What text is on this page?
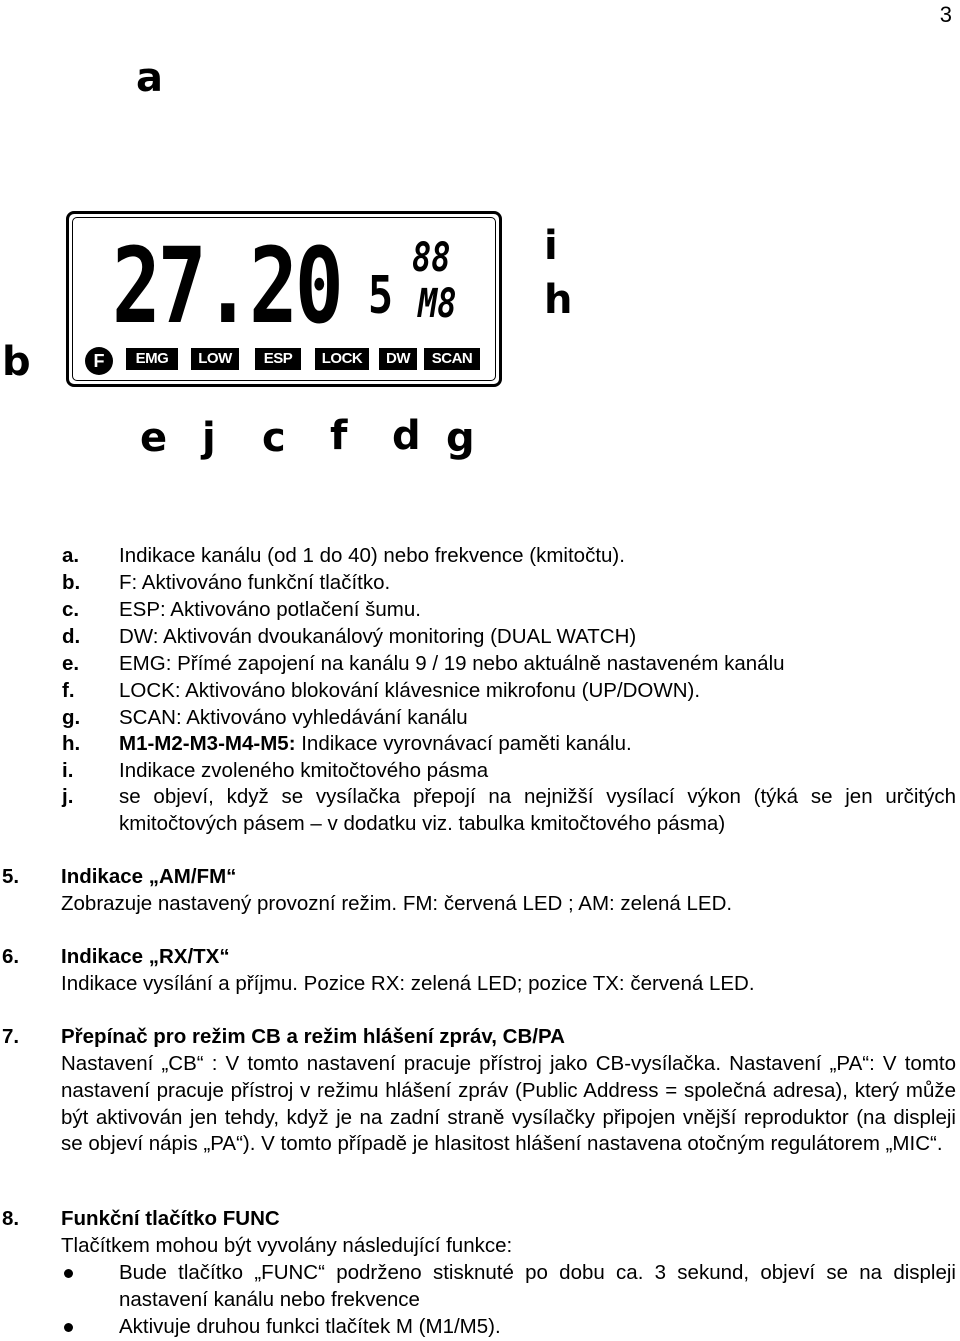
3
a
b
i
h
27.20 5
88
M8
F	EMG	LOW	ESP	LOCK	DW	SCAN
e j c f d g
a. Indikace kanálu (od 1 do 40) nebo frekvence (kmitočtu).
b. F: Aktivováno funkční tlačítko.
c. ESP: Aktivováno potlačení šumu.
d. DW: Aktivován dvoukanálový monitoring (DUAL WATCH)
e. EMG: Přímé zapojení na kanálu 9 / 19 nebo aktuálně nastaveném kanálu
f. LOCK: Aktivováno blokování klávesnice mikrofonu (UP/DOWN).
g. SCAN: Aktivováno vyhledávání kanálu
h. M1-M2-M3-M4-M5: Indikace vyrovnávací paměti kanálu.
i. Indikace zvoleného kmitočtového pásma
j. se objeví, když se vysílačka přepojí na nejnižší vysílací výkon (týká se jen určitých kmitočtových pásem – v dodatku viz. tabulka kmitočtového pásma)
5. Indikace „AM/FM“
Zobrazuje nastavený provozní režim. FM: červená LED ; AM: zelená LED.
6. Indikace „RX/TX“
Indikace vysílání a příjmu. Pozice RX: zelená LED; pozice TX: červená LED.
7. Přepínač pro režim CB a režim hlášení zpráv, CB/PA
Nastavení „CB“ : V tomto nastavení pracuje přístroj jako CB-vysílačka. Nastavení „PA“: V tomto nastavení pracuje přístroj v režimu hlášení zpráv (Public Address = společná adresa), který může být aktivován jen tehdy, když je na zadní straně vysílačky připojen vnější reproduktor (na displeji se objeví nápis „PA“). V tomto případě je hlasitost hlášení nastavena otočným regulátorem „MIC“.
8. Funkční tlačítko FUNC
Tlačítkem mohou být vyvolány následující funkce:
Bude tlačítko „FUNC“ podrženo stisknuté po dobu ca. 3 sekund, objeví se na displeji nastavení kanálu nebo frekvence
Aktivuje druhou funkci tlačítek M (M1/M5).
